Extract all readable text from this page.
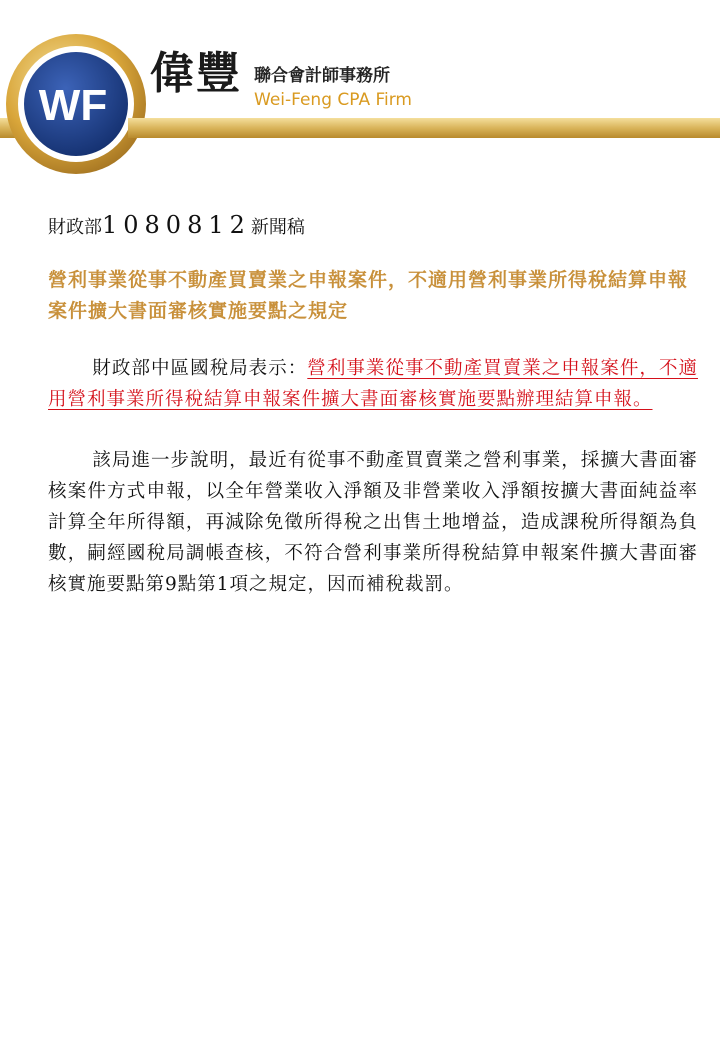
WF
偉豐 聯合會計師事務所
Wei-Feng CPA Firm
財政部1080812新聞稿
營利事業從事不動產買賣業之申報案件，不適用營利事業所得稅結算申報案件擴大書面審核實施要點之規定
財政部中區國稅局表示：營利事業從事不動產買賣業之申報案件，不適用營利事業所得稅結算申報案件擴大書面審核實施要點辦理結算申報。
該局進一步說明，最近有從事不動產買賣業之營利事業，採擴大書面審核案件方式申報，以全年營業收入淨額及非營業收入淨額按擴大書面純益率計算全年所得額，再減除免徵所得稅之出售土地增益，造成課稅所得額為負數，嗣經國稅局調帳查核，不符合營利事業所得稅結算申報案件擴大書面審核實施要點第9點第1項之規定，因而補稅裁罰。
